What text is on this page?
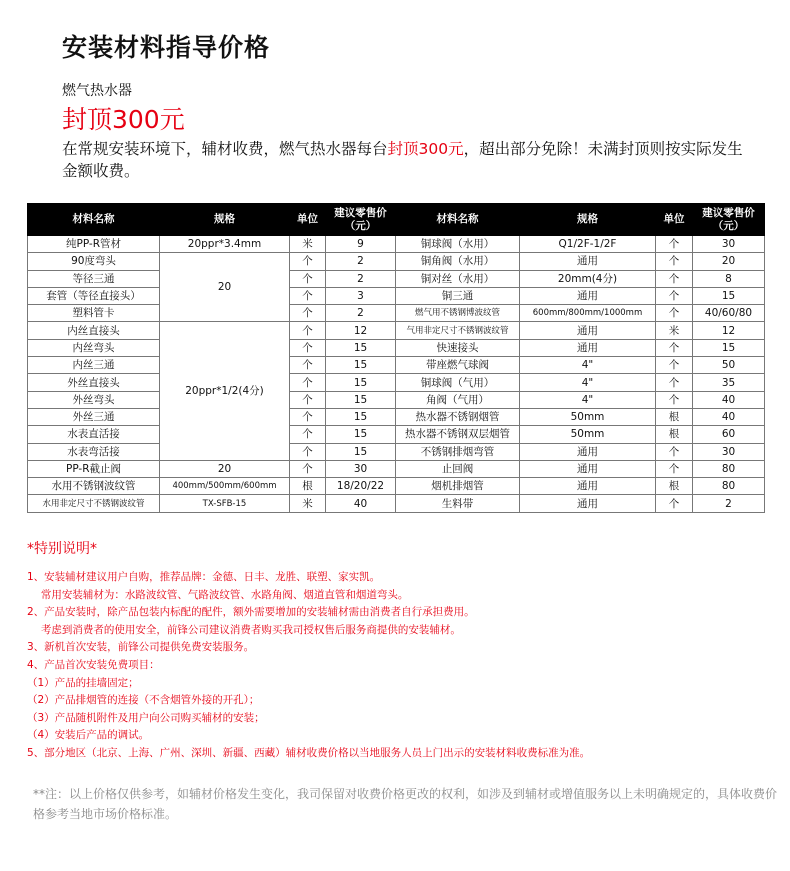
安装材料指导价格
燃气热水器
封顶300元
在常规安装环境下，辅材收费，燃气热水器每台封顶300元，超出部分免除！未满封顶则按实际发生金额收费。
材料名称	规格	单位	建议零售价（元）	材料名称	规格	单位	建议零售价（元）
纯PP-R管材	20ppr*3.4mm	米	9	铜球阀（水用）	Q1/2F-1/2F	个	30
90度弯头	20	个	2	铜角阀（水用）	通用	个	20
等径三通		个	2	铜对丝（水用）	20mm(4分)	个	8
套管（等径直接头）		个	3	铜三通	通用	个	15
塑料管卡		个	2	燃气用不锈钢博波纹管	600mm/800mm/1000mm	个	40/60/80
内丝直接头	20ppr*1/2(4分)	个	12	气用非定尺寸不锈钢波纹管	通用	米	12
内丝弯头		个	15	快速接头	通用	个	15
内丝三通		个	15	带座燃气球阀	4"	个	50
外丝直接头		个	15	铜球阀（气用）	4"	个	35
外丝弯头		个	15	角阀（气用）	4"	个	40
外丝三通		个	15	热水器不锈钢烟管	50mm	根	40
水表直活接		个	15	热水器不锈钢双层烟管	50mm	根	60
水表弯活接		个	15	不锈钢排烟弯管	通用	个	30
PP-R截止阀	20	个	30	止回阀	通用	个	80
水用不锈钢波纹管	400mm/500mm/600mm	根	18/20/22	烟机排烟管	通用	根	80
水用非定尺寸不锈钢波纹管	TX-SFB-15	米	40	生料带	通用	个	2
*特别说明*
1、安装辅材建议用户自购，推荐品牌：金德、日丰、龙胜、联塑、家实凯。
　 常用安装辅材为：水路波纹管、气路波纹管、水路角阀、烟道直管和烟道弯头。
2、产品安装时，除产品包装内标配的配件，额外需要增加的安装辅材需由消费者自行承担费用。
　 考虑到消费者的使用安全，前锋公司建议消费者购买我司授权售后服务商提供的安装辅材。
3、新机首次安装，前锋公司提供免费安装服务。
4、产品首次安装免费项目：
（1）产品的挂墙固定；
（2）产品排烟管的连接（不含烟管外接的开孔）；
（3）产品随机附件及用户向公司购买辅材的安装；
（4）安装后产品的调试。
5、部分地区（北京、上海、广州、深圳、新疆、西藏）辅材收费价格以当地服务人员上门出示的安装材料收费标准为准。
**注：以上价格仅供参考，如辅材价格发生变化，我司保留对收费价格更改的权利，如涉及到辅材或增值服务以上未明确规定的，具体收费价格参考当地市场价格标准。
